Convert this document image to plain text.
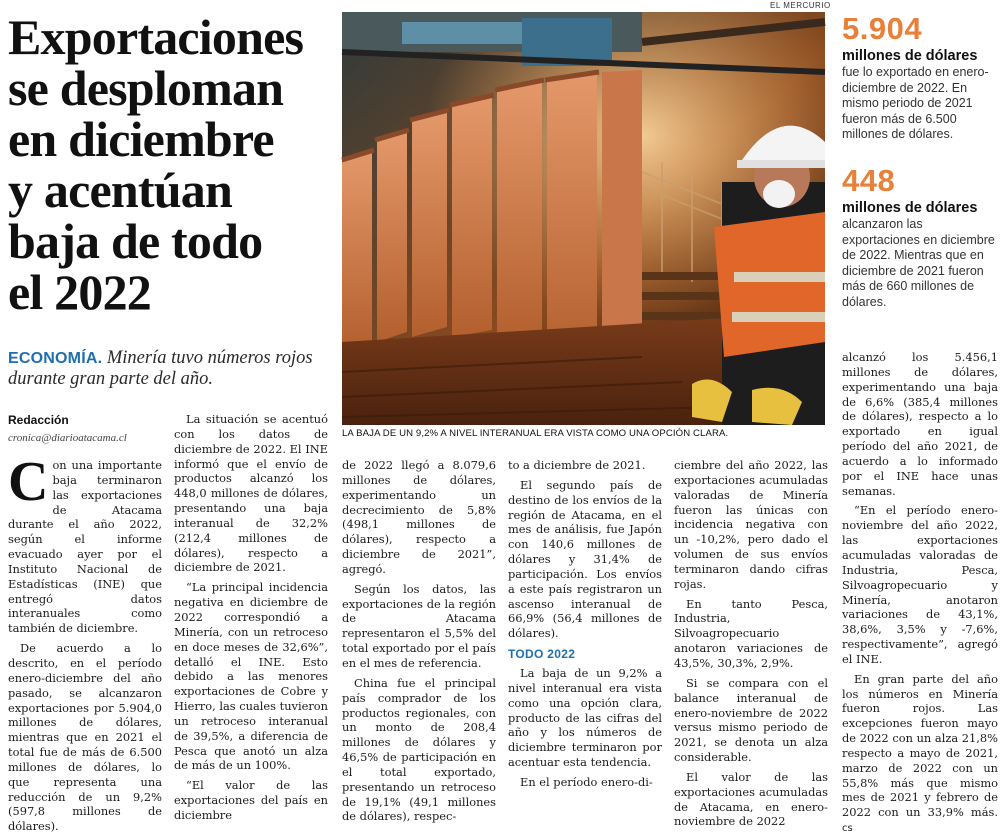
EL MERCURIO
Exportaciones
se desploman
en diciembre
y acentúan
baja de todo
el 2022
ECONOMÍA. Minería tuvo números rojos durante gran parte del año.
LA BAJA DE UN 9,2% A NIVEL INTERANUAL ERA VISTA COMO UNA OPCIÓN CLARA.
5.904
millones de dólares
fue lo exportado en enero-diciembre de 2022. En mismo periodo de 2021 fueron más de 6.500 millones de dólares.
448
millones de dólares
alcanzaron las exportaciones en diciembre de 2022. Mientras que en diciembre de 2021 fueron más de 660 millones de dólares.
Redacción
cronica@diarioatacama.cl

Con una importante baja terminaron las exportaciones de Atacama durante el año 2022, según el informe evacuado ayer por el Instituto Nacional de Estadísticas (INE) que entregó datos interanuales como también de diciembre.

De acuerdo a lo descrito, en el período enero-diciembre del año pasado, se alcanzaron exportaciones por 5.904,0 millones de dólares, mientras que en 2021 el total fue de más de 6.500 millones de dólares, lo que representa una reducción de un 9,2% (597,8 millones de dólares).

La situación se acentuó con los datos de diciembre de 2022. El INE informó que el envío de productos alcanzó los 448,0 millones de dólares, presentando una baja interanual de 32,2% (212,4 millones de dólares), respecto a diciembre de 2021.

“La principal incidencia negativa en diciembre de 2022 correspondió a Minería, con un retroceso en doce meses de 32,6%”, detalló el INE. Esto debido a las menores exportaciones de Cobre y Hierro, las cuales tuvieron un retroceso interanual de 39,5%, a diferencia de Pesca que anotó un alza de más de un 100%.

“El valor de las exportaciones del país en diciembre

de 2022 llegó a 8.079,6 millones de dólares, experimentando un decrecimiento de 5,8% (498,1 millones de dólares), respecto a diciembre de 2021”, agregó.

Según los datos, las exportaciones de la región de Atacama representaron el 5,5% del total exportado por el país en el mes de referencia.

China fue el principal país comprador de los productos regionales, con un monto de 208,4 millones de dólares y 46,5% de participación en el total exportado, presentando un retroceso de 19,1% (49,1 millones de dólares), respec-

to a diciembre de 2021.

El segundo país de destino de los envíos de la región de Atacama, en el mes de análisis, fue Japón con 140,6 millones de dólares y 31,4% de participación. Los envíos a este país registraron un ascenso interanual de 66,9% (56,4 millones de dólares).

TODO 2022

La baja de un 9,2% a nivel interanual era vista como una opción clara, producto de las cifras del año y los números de diciembre terminaron por acentuar esta tendencia.

En el período enero-di-

ciembre del año 2022, las exportaciones acumuladas valoradas de Minería fueron las únicas con incidencia negativa con un -10,2%, pero dado el volumen de sus envíos terminaron dando cifras rojas.

En tanto Pesca, Industria, Silvoagropecuario anotaron variaciones de 43,5%, 30,3%, 2,9%.

Si se compara con el balance interanual de enero-noviembre de 2022 versus mismo periodo de 2021, se denota un alza considerable.

El valor de las exportaciones acumuladas de Atacama, en enero-noviembre de 2022

alcanzó los 5.456,1 millones de dólares, experimentando una baja de 6,6% (385,4 millones de dólares), respecto a lo exportado en igual período del año 2021, de acuerdo a lo informado por el INE hace unas semanas.

“En el período enero-noviembre del año 2022, las exportaciones acumuladas valoradas de Industria, Pesca, Silvoagropecuario y Minería, anotaron variaciones de 43,1%, 38,6%, 3,5% y -7,6%, respectivamente”, agregó el INE.

En gran parte del año los números en Minería fueron rojos. Las excepciones fueron mayo de 2022 con un alza 21,8% respecto a mayo de 2021, marzo de 2022 con un 55,8% más que mismo mes de 2021 y febrero de 2022 con un 33,9% más. cs
